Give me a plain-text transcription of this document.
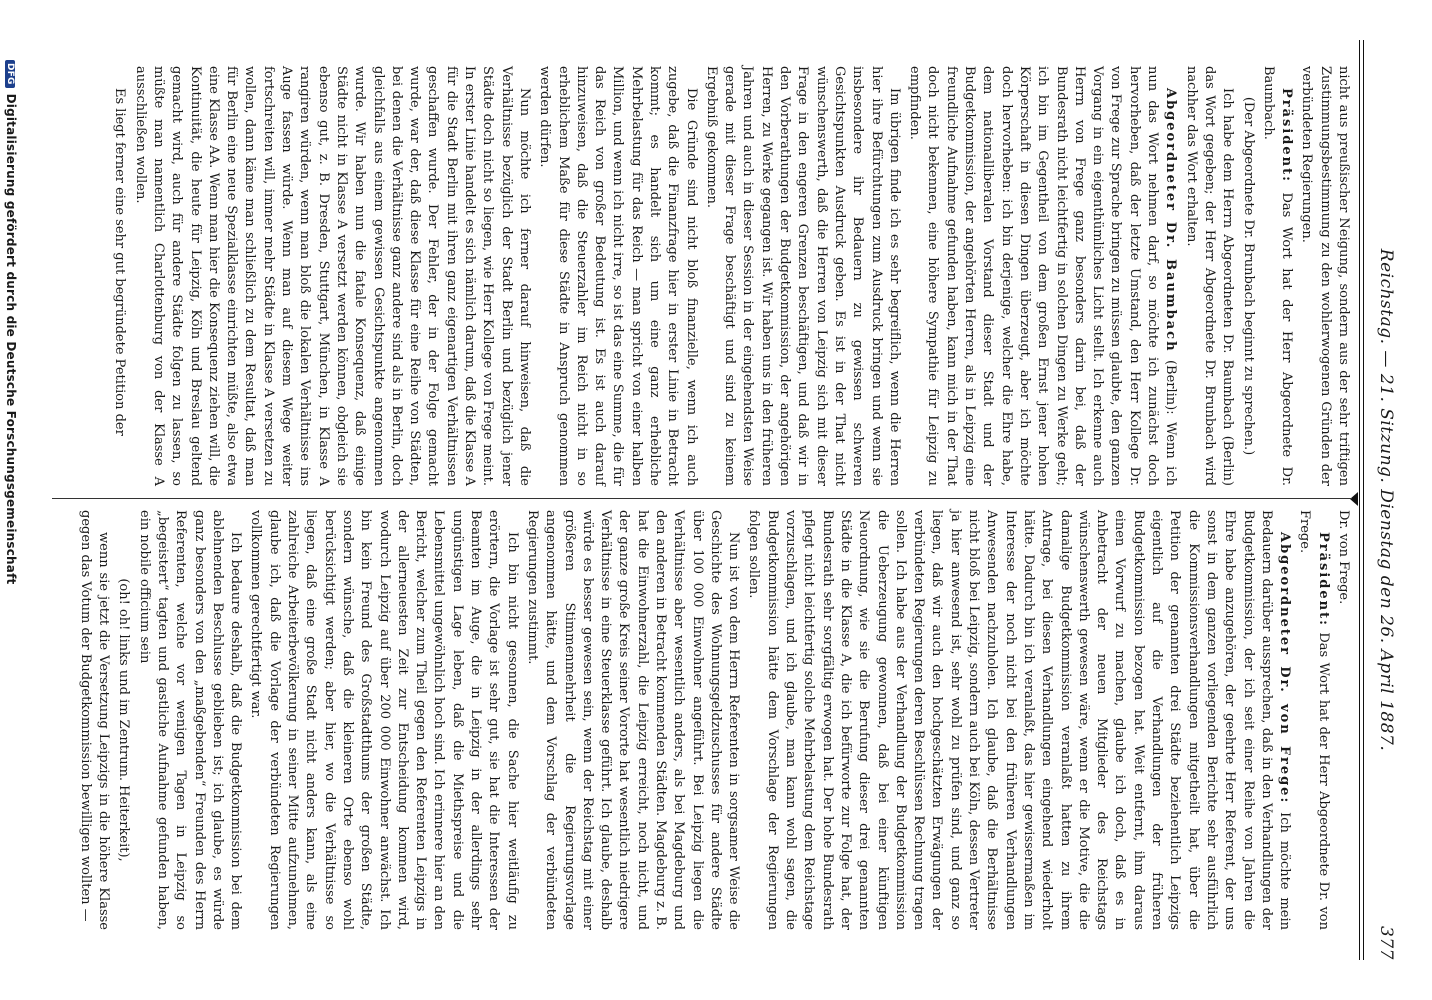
Reichstag. — 21. Sitzung. Dienstag den 26. April 1887.
377

nicht aus preußischer Neigung, sondern aus der sehr triftigen Zustimmungsbestimmung zu den wohlerwogenen Gründen der verbündeten Regierungen.

Präsident: Das Wort hat der Herr Abgeordnete Dr. Baumbach.

(Der Abgeordnete Dr. Brunbach beginnt zu sprechen.)

Ich habe dem Herrn Abgeordneten Dr. Baumbach (Berlin) das Wort gegeben; der Herr Abgeordnete Dr. Brunbach wird nachher das Wort erhalten.

Abgeordneter Dr. Baumbach (Berlin): Wenn ich nun das Wort nehmen darf, so möchte ich zunächst doch hervorheben, daß der letzte Umstand, den Herr Kollege Dr. von Frege zur Sprache bringen zu müssen glaubte, den ganzen Vorgang in ein eigenthümliches Licht stellt. Ich erkenne auch Herrn von Frege ganz besonders darin bei, daß der Bundesrath nicht leichtfertig in solchen Dingen zu Werke geht; ich bin im Gegentheil von dem großen Ernst jener hohen Körperschaft in diesen Dingen überzeugt, aber ich möchte doch hervorheben: ich bin derjenige, welcher die Ehre habe, dem nationalliberalen Vorstand dieser Stadt und der Budgetkommission, der angehörten Herren, als in Leipzig eine freundliche Aufnahme gefunden haben, kann mich in der That doch nicht bekennen, eine höhere Sympathie für Leipzig zu empfinden.

Im übrigen finde ich es sehr begreiflich, wenn die Herren hier ihre Befürchtungen zum Ausdruck bringen und wenn sie insbesondere ihr Bedauern zu gewissen schweren Gesichtspunkten Ausdruck geben. Es ist in der That nicht wünschenswerth, daß die Herren von Leipzig sich mit dieser Frage in den engeren Grenzen beschäftigen, und daß wir in den Vorberathungen der Budgetkommission, der angehörigen Herren, zu Werke gegangen ist. Wir haben uns in den früheren Jahren und auch in dieser Session in der eingehendsten Weise gerade mit dieser Frage beschäftigt und sind zu keinem Ergebniß gekommen.

Die Gründe sind nicht bloß finanzielle, wenn ich auch zugebe, daß die Finanzfrage hier in erster Linie in Betracht kommt; es handelt sich um eine ganz erhebliche Mehrbelastung für das Reich — man spricht von einer halben Million, und wenn ich nicht irre, so ist das eine Summe, die für das Reich von großer Bedeutung ist. Es ist auch darauf hinzuweisen, daß die Steuerzahler im Reich nicht in so erheblichem Maße für diese Städte in Anspruch genommen werden dürfen.

Nun möchte ich ferner darauf hinweisen, daß die Verhältnisse bezüglich der Stadt Berlin und bezüglich jener Städte doch nicht so liegen, wie Herr Kollege von Frege meint. In erster Linie handelt es sich nämlich darum, daß die Klasse A für die Stadt Berlin mit ihren ganz eigenartigen Verhältnissen geschaffen wurde. Der Fehler, der in der Folge gemacht wurde, war der, daß diese Klasse für eine Reihe von Städten, bei denen die Verhältnisse ganz andere sind als in Berlin, doch gleichfalls aus einem gewissen Gesichtspunkte angenommen wurde. Wir haben nun die fatale Konsequenz, daß einige Städte nicht in Klasse A versetzt werden können, obgleich sie ebenso gut, z. B. Dresden, Stuttgart, München, in Klasse A rangiren würden, wenn man bloß die lokalen Verhältnisse ins Auge fassen würde. Wenn man auf diesem Wege weiter fortschreiten will, immer mehr Städte in Klasse A versetzen zu wollen, dann käme man schließlich zu dem Resultat, daß man für Berlin eine neue Spezialklasse einrichten müßte, also etwa eine Klasse AA. Wenn man hier die Konsequenz ziehen will, die Kontinuität, die heute für Leipzig, Köln und Breslau geltend gemacht wird, auch für andere Städte folgen zu lassen, so müßte man namentlich Charlottenburg von der Klasse A ausschließen wollen.

Es liegt ferner eine sehr gut begründete Petition der

Dr. von Frege.

Präsident: Das Wort hat der Herr Abgeordnete Dr. von Frege.

Abgeordneter Dr. von Frege: Ich möchte mein Bedauern darüber aussprechen, daß in den Verhandlungen der Budgetkommission, der ich seit einer Reihe von Jahren die Ehre habe anzugehören, der geehrte Herr Referent, der uns sonst in dem ganzen vorliegenden Berichte sehr ausführlich die Kommissionsverhandlungen mitgetheilt hat, über die Petition der genannten drei Städte beziehentlich Leipzigs eigentlich auf die Verhandlungen der früheren Budgetkommission bezogen hat. Weit entfernt, ihm daraus einen Vorwurf zu machen, glaube ich doch, daß es in Anbetracht der neuen Mitglieder des Reichstags wünschenswerth gewesen wäre, wenn er die Motive, die die damalige Budgetkommission veranlaßt hatten zu ihrem Antrage, bei diesen Verhandlungen eingehend wiederholt hätte. Dadurch bin ich veranlaßt, das hier gewissermaßen im Interesse der noch nicht bei den früheren Verhandlungen Anwesenden nachzuholen. Ich glaube, daß die Berhältnisse nicht bloß bei Leipzig, sondern auch bei Köln, dessen Vertreter ja hier anwesend ist, sehr wohl zu prüfen sind, und ganz so liegen, daß wir auch den hochgeschätzten Erwägungen der verbündeten Regierungen deren Beschlüssen Rechnung tragen sollen. Ich habe aus der Verhandlung der Budgetkommission die Ueberzeugung gewonnen, daß bei einer künftigen Neuordnung, wie sie die Berufung dieser drei genannten Städte in die Klasse A, die ich befürworte zur Folge hat, der Bundesrath sehr sorgfältig erwogen hat. Der hohe Bundesrath pflegt nicht leichtfertig solche Mehrbelastung dem Reichstage vorzuschlagen, und ich glaube, man kann wohl sagen, die Budgetkommission hätte dem Vorschlage der Regierungen folgen sollen.

Nun ist von dem Herrn Referenten in sorgsamer Weise die Geschichte des Wohnungsgeldzuschusses für andere Städte über 100 000 Einwohner angeführt. Bei Leipzig liegen die Verhältnisse aber wesentlich anders, als bei Magdeburg und den anderen in Betracht kommenden Städten. Magdeburg z. B. hat die Einwohnerzahl, die Leipzig erreicht, noch nicht, und der ganze große Kreis seiner Vororte hat wesentlich niedrigere Verhältnisse in eine Steuerklasse geführt. Ich glaube, deshalb würde es besser gewesen sein, wenn der Reichstag mit einer größeren Stimmenmehrheit die Regierungsvorlage angenommen hätte, und dem Vorschlag der verbündeten Regierungen zustimmt.

Ich bin nicht gesonnen, die Sache hier weitläufig zu erörtern, die Vorlage ist sehr gut, sie hat die Interessen der Beamten im Auge, die in Leipzig in der allerdings sehr ungünstigen Lage leben, daß die Miethspreise und die Lebensmittel ungewöhnlich hoch sind. Ich erinnere hier an den Bericht, welcher zum Theil gegen den Referenten Leipzigs in der allerneuesten Zeit zur Entscheidung kommen wird, wodurch Leipzig auf über 200 000 Einwohner anwächst. Ich bin kein Freund des Großstadtthums der großen Städte, sondern wünsche, daß die kleineren Orte ebenso wohl berücksichtigt werden; aber hier, wo die Verhältnisse so liegen, daß eine große Stadt nicht anders kann, als eine zahlreiche Arbeiterbevölkerung in seiner Mitte aufzunehmen, glaube ich, daß die Vorlage der verbündeten Regierungen vollkommen gerechtfertigt war.

Ich bedaure deshalb, daß die Budgetkommission bei dem ablehnenden Beschlusse geblieben ist; ich glaube, es würde ganz besonders von den „maßgebenden“ Freunden des Herrn Referenten, welche vor wenigen Tagen in Leipzig so „begeistert“ tagten und gastliche Aufnahme gefunden haben, ein nobile officium sein

(oh! oh! links und im Zentrum. Heiterkeit),

wenn sie jetzt die Versetzung Leipzigs in die höhere Klasse gegen das Votum der Budgetkommission bewilligen wollten —

DFGDigitalisierung gefördert durch die Deutsche Forschungsgemeinschaft
